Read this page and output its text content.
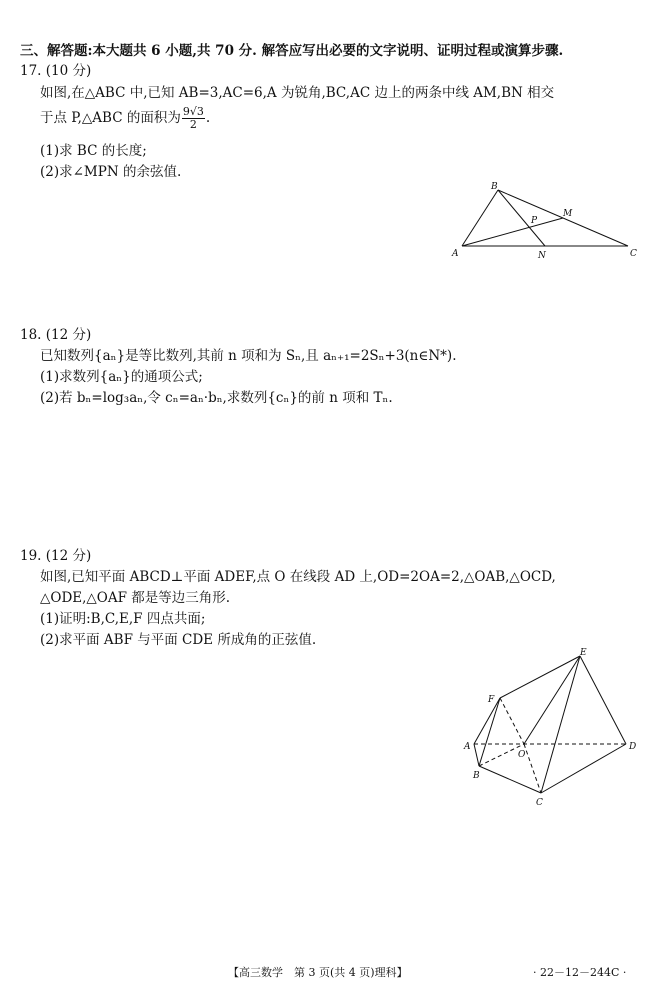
三、解答题:本大题共 6 小题,共 70 分. 解答应写出必要的文字说明、证明过程或演算步骤.
17. (10 分)
如图,在△ABC 中,已知 AB=3,AC=6,A 为锐角,BC,AC 边上的两条中线 AM,BN 相交
于点 P,△ABC 的面积为 $\frac{9√3}{2}$ .
(1)求 BC 的长度;
(2)求∠MPN 的余弦值.
B
A	C
M
N
P
18. (12 分)
已知数列{aₙ}是等比数列,其前 n 项和为 Sₙ,且 aₙ₊₁=2Sₙ+3(n∈N*).
(1)求数列{aₙ}的通项公式;
(2)若 bₙ=log₃aₙ,令 cₙ=aₙ·bₙ,求数列{cₙ}的前 n 项和 Tₙ.
19. (12 分)
如图,已知平面 ABCD⊥平面 ADEF,点 O 在线段 AD 上,OD=2OA=2,△OAB,△OCD,
△ODE,△OAF 都是等边三角形.
(1)证明:B,C,E,F 四点共面;
(2)求平面 ABF 与平面 CDE 所成角的正弦值.
E
F
A	D
O
B
C
【高三数学　第 3 页(共 4 页)理科】	· 22－12－244C ·
